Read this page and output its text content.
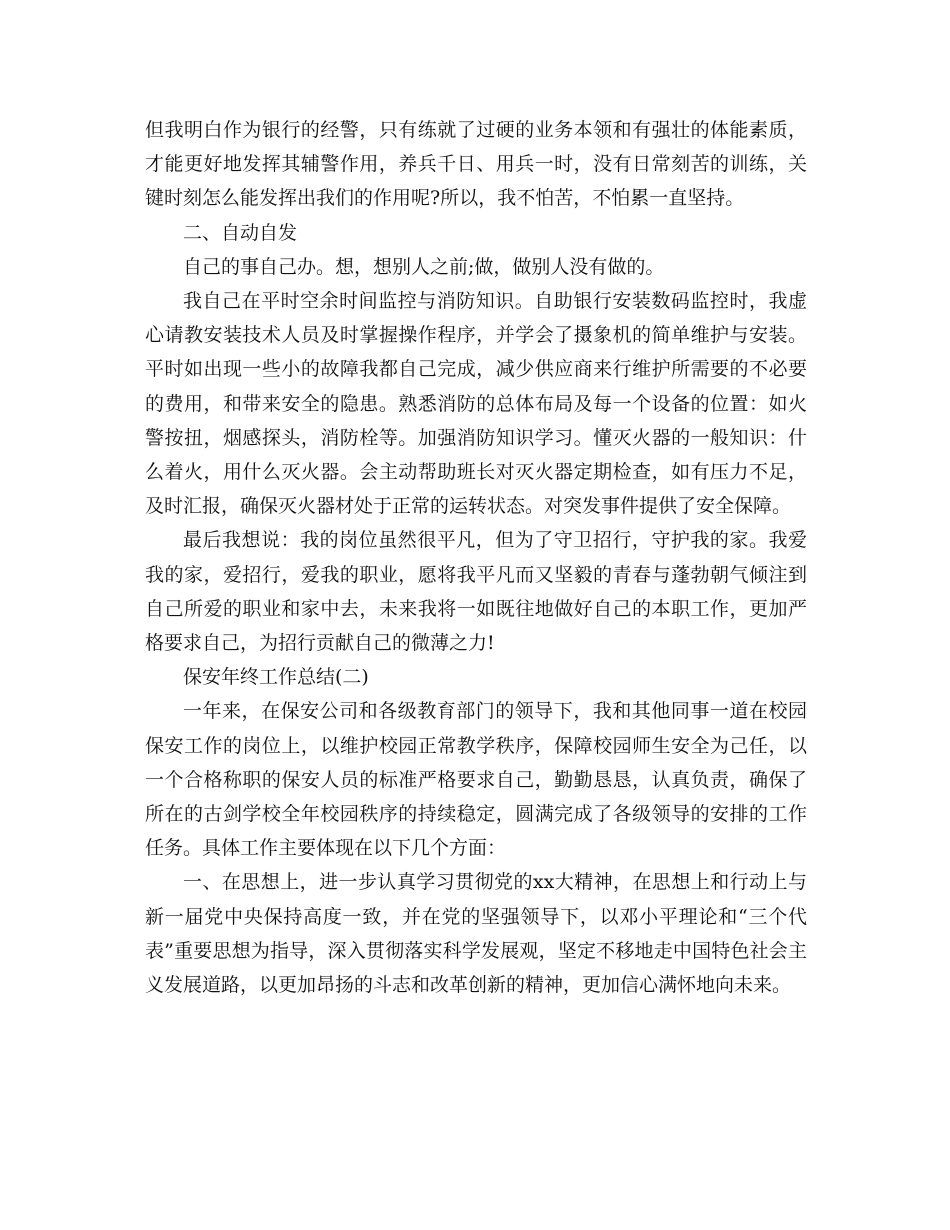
但我明白作为银行的经警，只有练就了过硬的业务本领和有强壮的体能素质，才能更好地发挥其辅警作用，养兵千日、用兵一时，没有日常刻苦的训练，关键时刻怎么能发挥出我们的作用呢?所以，我不怕苦，不怕累一直坚持。

二、自动自发

自己的事自己办。想，想别人之前;做，做别人没有做的。

我自己在平时空余时间监控与消防知识。自助银行安装数码监控时，我虚心请教安装技术人员及时掌握操作程序，并学会了摄象机的简单维护与安装。平时如出现一些小的故障我都自己完成，减少供应商来行维护所需要的不必要的费用，和带来安全的隐患。熟悉消防的总体布局及每一个设备的位置：如火警按扭，烟感探头，消防栓等。加强消防知识学习。懂灭火器的一般知识：什么着火，用什么灭火器。会主动帮助班长对灭火器定期检查，如有压力不足，及时汇报，确保灭火器材处于正常的运转状态。对突发事件提供了安全保障。

最后我想说：我的岗位虽然很平凡，但为了守卫招行，守护我的家。我爱我的家，爱招行，爱我的职业，愿将我平凡而又坚毅的青春与蓬勃朝气倾注到自己所爱的职业和家中去，未来我将一如既往地做好自己的本职工作，更加严格要求自己，为招行贡献自己的微薄之力!

保安年终工作总结(二)

一年来，在保安公司和各级教育部门的领导下，我和其他同事一道在校园保安工作的岗位上，以维护校园正常教学秩序，保障校园师生安全为己任，以一个合格称职的保安人员的标准严格要求自己，勤勤恳恳，认真负责，确保了所在的古剑学校全年校园秩序的持续稳定，圆满完成了各级领导的安排的工作任务。具体工作主要体现在以下几个方面：

一、在思想上，进一步认真学习贯彻党的xx大精神，在思想上和行动上与新一届党中央保持高度一致，并在党的坚强领导下，以邓小平理论和“三个代表”重要思想为指导，深入贯彻落实科学发展观，坚定不移地走中国特色社会主义发展道路，以更加昂扬的斗志和改革创新的精神，更加信心满怀地向未来。
